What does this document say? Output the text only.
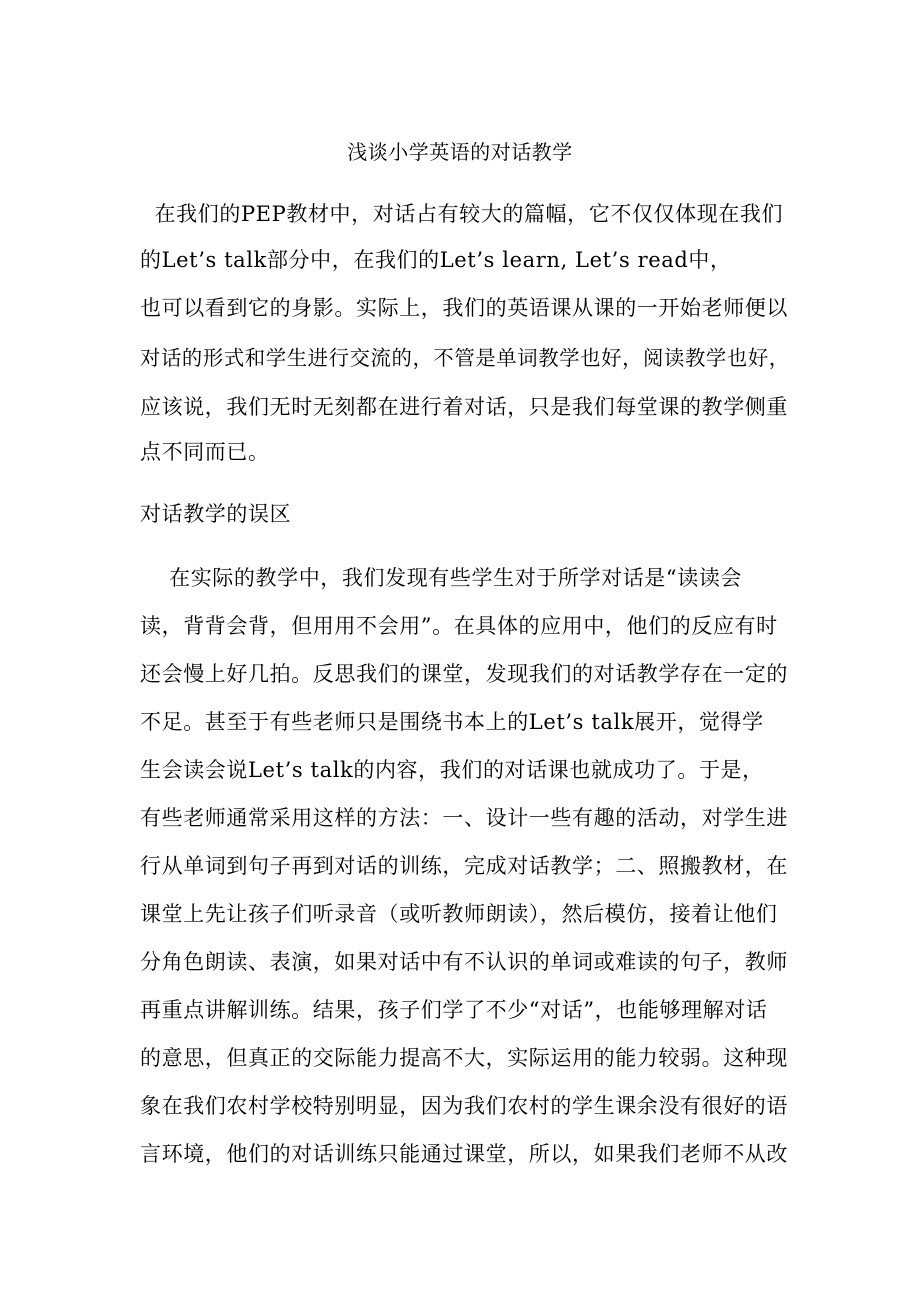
浅谈小学英语的对话教学
在我们的PEP教材中，对话占有较大的篇幅，它不仅仅体现在我们
的Let’s talk部分中，在我们的Let’s learn, Let’s read中，
也可以看到它的身影。实际上，我们的英语课从课的一开始老师便以
对话的形式和学生进行交流的，不管是单词教学也好，阅读教学也好，
应该说，我们无时无刻都在进行着对话，只是我们每堂课的教学侧重
点不同而已。
对话教学的误区
在实际的教学中，我们发现有些学生对于所学对话是“读读会
读，背背会背，但用用不会用”。在具体的应用中，他们的反应有时
还会慢上好几拍。反思我们的课堂，发现我们的对话教学存在一定的
不足。甚至于有些老师只是围绕书本上的Let’s talk展开，觉得学
生会读会说Let’s talk的内容，我们的对话课也就成功了。于是，
有些老师通常采用这样的方法：一、设计一些有趣的活动，对学生进
行从单词到句子再到对话的训练，完成对话教学；二、照搬教材，在
课堂上先让孩子们听录音（或听教师朗读），然后模仿，接着让他们
分角色朗读、表演，如果对话中有不认识的单词或难读的句子，教师
再重点讲解训练。结果，孩子们学了不少“对话”，也能够理解对话
的意思，但真正的交际能力提高不大，实际运用的能力较弱。这种现
象在我们农村学校特别明显，因为我们农村的学生课余没有很好的语
言环境，他们的对话训练只能通过课堂，所以，如果我们老师不从改
